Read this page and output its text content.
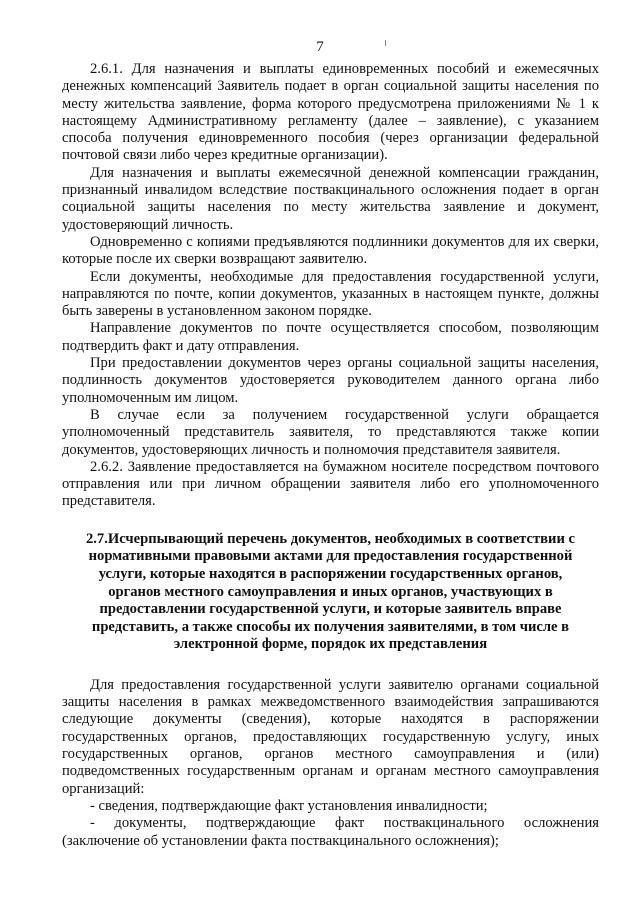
7

2.6.1. Для назначения и выплаты единовременных пособий и ежемесячных денежных компенсаций Заявитель подает в орган социальной защиты населения по месту жительства заявление, форма которого предусмотрена приложениями № 1 к настоящему Административному регламенту (далее – заявление), с указанием способа получения единовременного пособия (через организации федеральной почтовой связи либо через кредитные организации).

Для назначения и выплаты ежемесячной денежной компенсации гражданин, признанный инвалидом вследствие поствакцинального осложнения подает в орган социальной защиты населения по месту жительства заявление и документ, удостоверяющий личность.

Одновременно с копиями предъявляются подлинники документов для их сверки, которые после их сверки возвращают заявителю.

Если документы, необходимые для предоставления государственной услуги, направляются по почте, копии документов, указанных в настоящем пункте, должны быть заверены в установленном законом порядке.

Направление документов по почте осуществляется способом, позволяющим подтвердить факт и дату отправления.

При предоставлении документов через органы социальной защиты населения, подлинность документов удостоверяется руководителем данного органа либо уполномоченным им лицом.

В случае если за получением государственной услуги обращается уполномоченный представитель заявителя, то представляются также копии документов, удостоверяющих личность и полномочия представителя заявителя.

2.6.2. Заявление предоставляется на бумажном носителе посредством почтового отправления или при личном обращении заявителя либо его уполномоченного представителя.

2.7.Исчерпывающий перечень документов, необходимых в соответствии с нормативными правовыми актами для предоставления государственной услуги, которые находятся в распоряжении государственных органов, органов местного самоуправления и иных органов, участвующих в предоставлении государственной услуги, и которые заявитель вправе представить, а также способы их получения заявителями, в том числе в электронной форме, порядок их представления

Для предоставления государственной услуги заявителю органами социальной защиты населения в рамках межведомственного взаимодействия запрашиваются следующие документы (сведения), которые находятся в распоряжении государственных органов, предоставляющих государственную услугу, иных государственных органов, органов местного самоуправления и (или) подведомственных государственным органам и органам местного самоуправления организаций:

- сведения, подтверждающие факт установления инвалидности;

- документы, подтверждающие факт поствакцинального осложнения (заключение об установлении факта поствакцинального осложнения);
